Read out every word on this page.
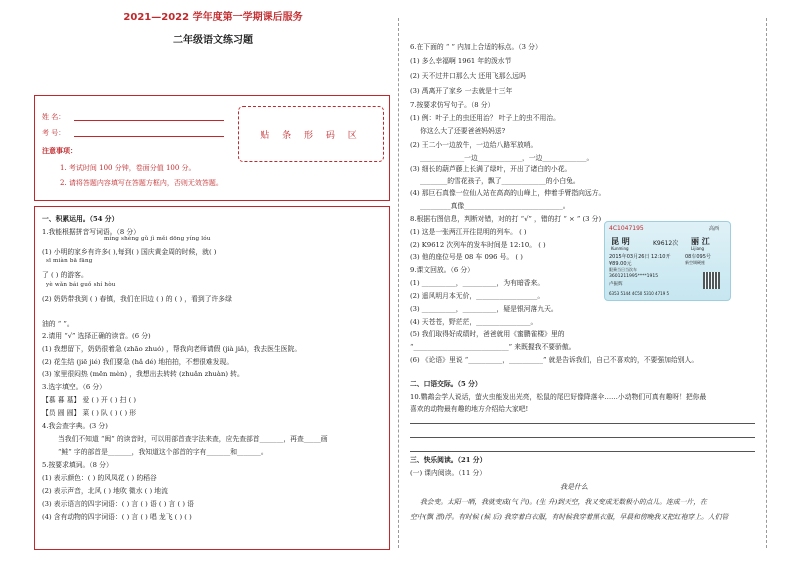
2021—2022 学年度第一学期课后服务
二年级语文练习题
姓 名：
考 号：
注意事项：
1. 考试时间 100 分钟，卷面分值 100 分。
2. 请将答题内容填写在答题方框内，否则无效答题。
贴 条 形 码 区
一、积累运用。（54 分）
1.我能根据拼音写词语。（8 分）
mínɡ shènɡ ɡǔ jì měi dōnɡ yínɡ lóu
(1) 小明的家乡有许多( ),每到( ) 国庆黄金周的时候，就( )
sī miàn bā fānɡ
了 ( ) 的游客。
yè wǎn bái ɡuǒ shí hòu
(2) 奶奶带我到 ( ) 春镇，我们在旧边 ( ) 的 ( ) ，看到了许多绿
油的 “ ”。
2.请用 “√” 选择正确的读音。(6 分)
(1) 我想留下，奶奶很着急 (zhāo zhuó) ，帮我向老师请假 (jià jiǎ)，我去医生医院。
(2) 花生结 (jiē jié) 我们要急 (hǎ dé) 地拍拍，不想很难发现。
(3) 家里很闷热 (mēn mèn) ，我想出去转转 (zhuǎn zhuàn) 转。
3.选字填空。（6 分）
【慕 暮 墓】 爱 ( ) 开 ( ) 扫 ( )
【员 圆 圆】 菜 ( ) 队 ( ) ( ) 形
4.我会查字典。(3 分)
当我们不知道 “闽” 的读音时，可以用部首查字法来查，应先查部首_______，再查_____画
“鲑” 字的部首是_______，我知道这个部首的字有_______和_______。
5.按要求填词。（8 分）
(1) 表示颜色：( ) 的风凤花 ( ) 的稻谷
(2) 表示声音，北风 ( ) 地吹 微水 ( ) 地流
(3) 表示语言的四字词语：( ) 言 ( ) 语 ( ) 言 ( ) 语
(4) 含有动物的四字词语：( ) 言 ( ) 唱 龙飞 ( ) ( )
6.在下面的 “ ” 内加上合适的标点。（3 分）
(1) 多么幸福啊 1961 年的泼水节
(2) 天不过井口那么大 还用飞那么远吗
(3) 禹离开了家乡 一去就是十三年
7.按要求仿写句子。（8 分）
(1) 例：叶子上的虫还用治？ 叶子上的虫不用治。
你这么大了还要爸爸妈妈送?
(2) 王二小一边放牛，一边给八路军放哨。
_____________一边_____________，一边_____________。
(3) 细长的葫芦藤上长满了绿叶，开出了诸白的小花。
________的雪花孩子，飘了_____________的小白兔。
(4) 那巨石真像一位仙人站在高高的山峰上，伸着手臂指向远方。
_________真像_____________________________。
8.根据右图信息，判断对错，对的打 “√” ，错的打 “ × ” (3 分)
(1) 这是一张两江开往昆明的列车。 ( )
(2) K9612 次列车的发车时间是 12:10。 ( )
(3) 他的座位号是 08 车 096 号。 ( )
9.课文回放。（6 分）
(1) __________，__________，为有暗香来。
(2) 遥风明月本无价，__________________。
(3) __________，__________，疑是银河落九天。
(4) 天苍苍，野茫茫，________________。
(5) 我们取得好成绩时，爸爸就用《蜜鹏雀楼》里的
“____________________________” 来既握我不要骄傲。
(6) 《论语》里说 “__________，__________” 就是告诉我们，自己不喜欢的，不要强加给别人。
二、口语交际。（5 分）
10.鹦鹉会学人说话，萤火虫能发出光亮，松鼠的尾巴好像降落伞……小动物们可真有趣呀！把你最
喜欢的动物最有趣的地方介绍给大家吧!
三、快乐阅读。（21 分）
(一) 课内阅读。（11 分）
我是什么
我会变。太阳一晒，我就变成(气 汽)。(生 升)到天空，我又变成无数极小的点儿。连成一片，在
空中(飘 漂)浮。有时候 (候 后) 我穿着白衣服，有时候我穿着黑衣服，早晨和傍晚我又把红袍穿上。人们管
4C1047195	高西
昆 明	K9612次 丽 江
Kunming	Lijiang
2015年03月26日 12:10开	08车095号
¥89.00元	新空调硬座
限乘当日当次车
3601211995****1915
卢振辉
6353 5144 4C50 5310 4719 5
